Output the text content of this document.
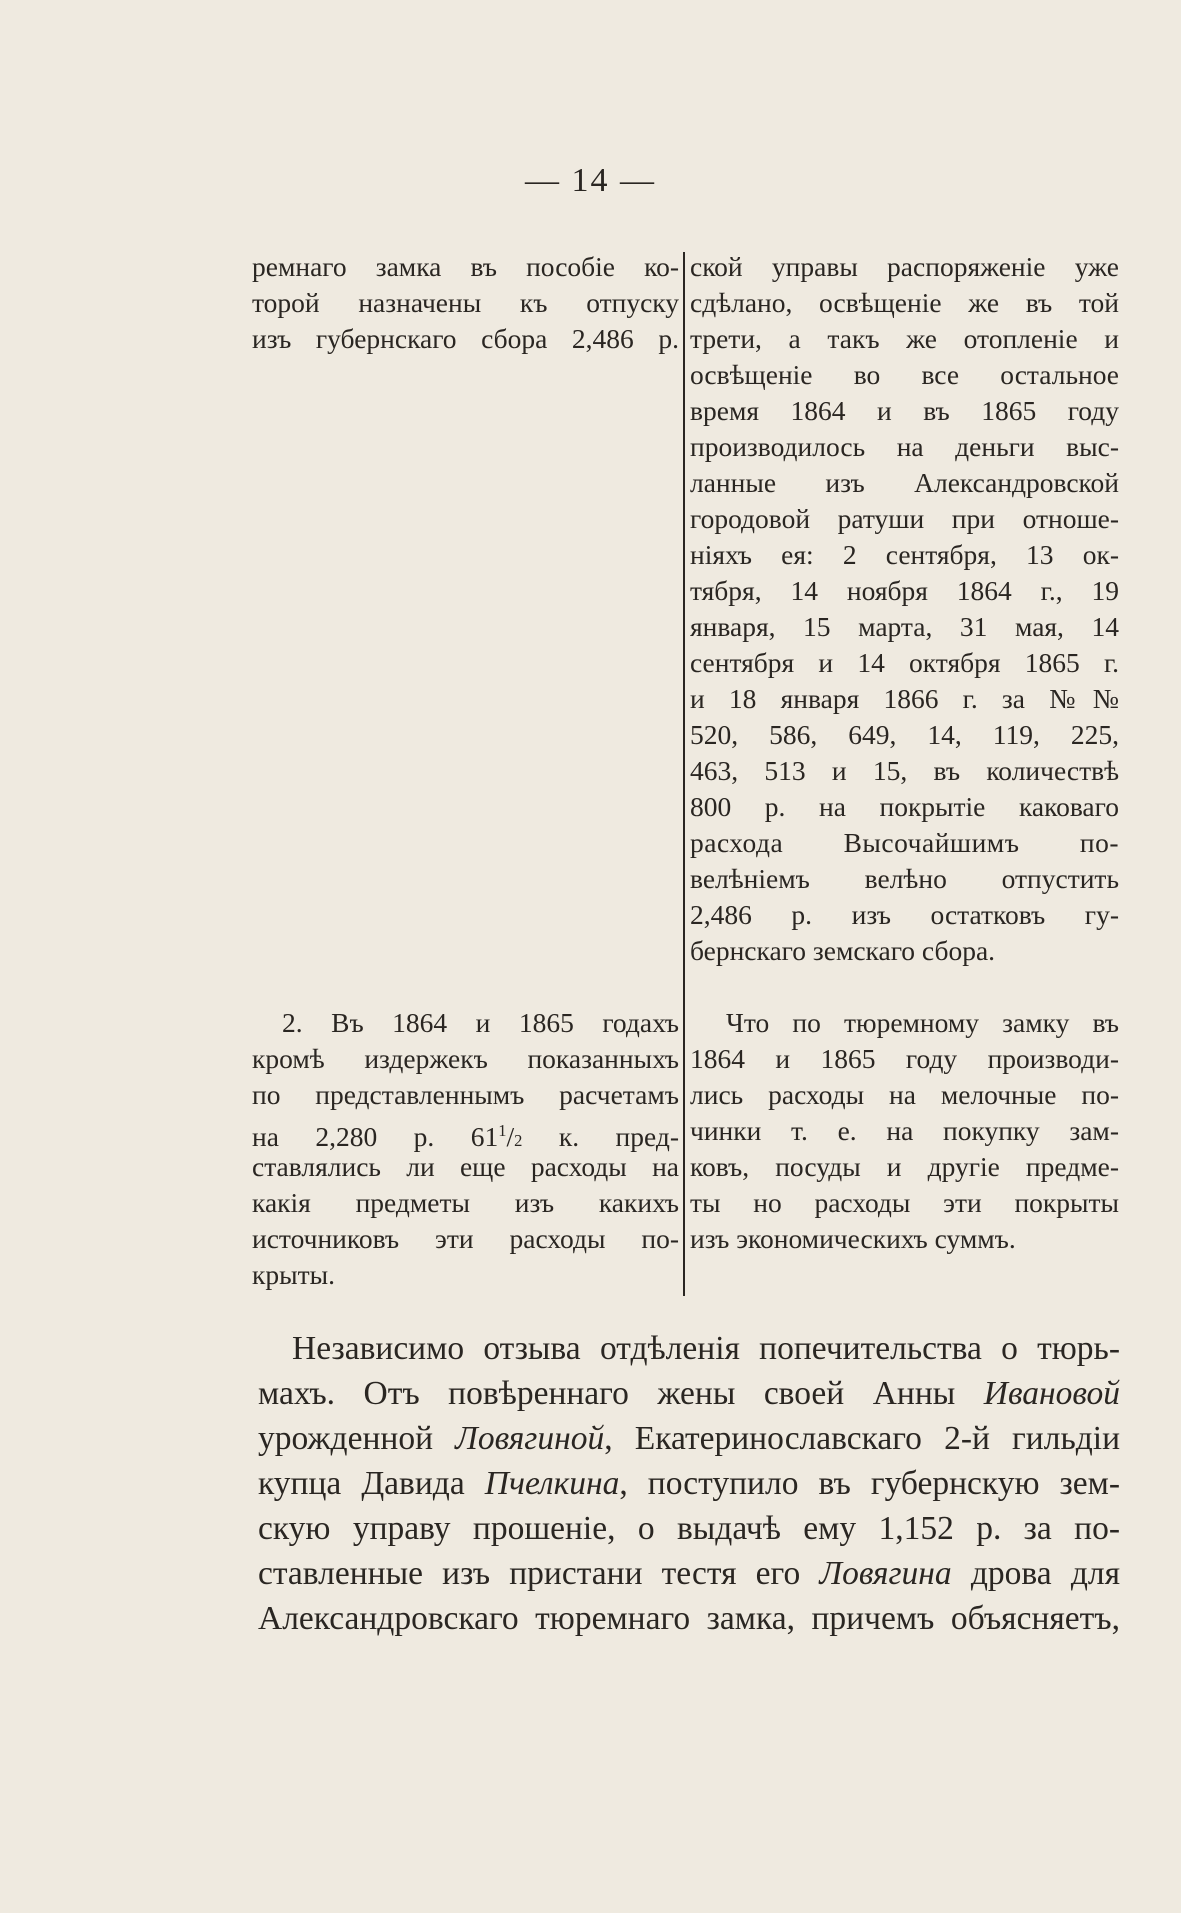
— 14 —
ремнаго замка въ пособіе ко-
торой назначены къ отпуску
изъ губернскаго сбора 2,486 р.
ской управы распоряженіе уже
сдѣлано, освѣщеніе же въ той
трети, а такъ же отопленіе и
освѣщеніе во все остальное
время 1864 и въ 1865 году
производилось на деньги выс-
ланные изъ Александровской
городовой ратуши при отноше-
ніяхъ ея: 2 сентября, 13 ок-
тября, 14 ноября 1864 г., 19
января, 15 марта, 31 мая, 14
сентября и 14 октября 1865 г.
и 18 января 1866 г. за №№
520, 586, 649, 14, 119, 225,
463, 513 и 15, въ количествѣ
800 р. на покрытіе каковаго
расхода Высочайшимъ по-
велѣніемъ велѣно отпустить
2,486 р. изъ остатковъ гу-
бернскаго земскаго сбора.
2. Въ 1864 и 1865 годахъ
кромѣ издержекъ показанныхъ
по представленнымъ расчетамъ
на 2,280 р. $61^1/2$ к. пред-
ставлялись ли еще расходы на
какія предметы изъ какихъ
источниковъ эти расходы по-
крыты.
Что по тюремному замку въ
1864 и 1865 году производи-
лись расходы на мелочные по-
чинки т. е. на покупку зам-
ковъ, посуды и другіе предме-
ты но расходы эти покрыты
изъ экономическихъ суммъ.
Независимо отзыва отдѣленія попечительства о тюрь-
махъ. Отъ повѣреннаго жены своей Анны Ивановой
урожденной Ловягиной, Екатеринославскаго 2-й гильдіи
купца Давида Пчелкина, поступило въ губернскую зем-
скую управу прошеніе, о выдачѣ ему 1,152 р. за по-
ставленные изъ пристани тестя его Ловягина дрова для
Александровскаго тюремнаго замка, причемъ объясняетъ,
